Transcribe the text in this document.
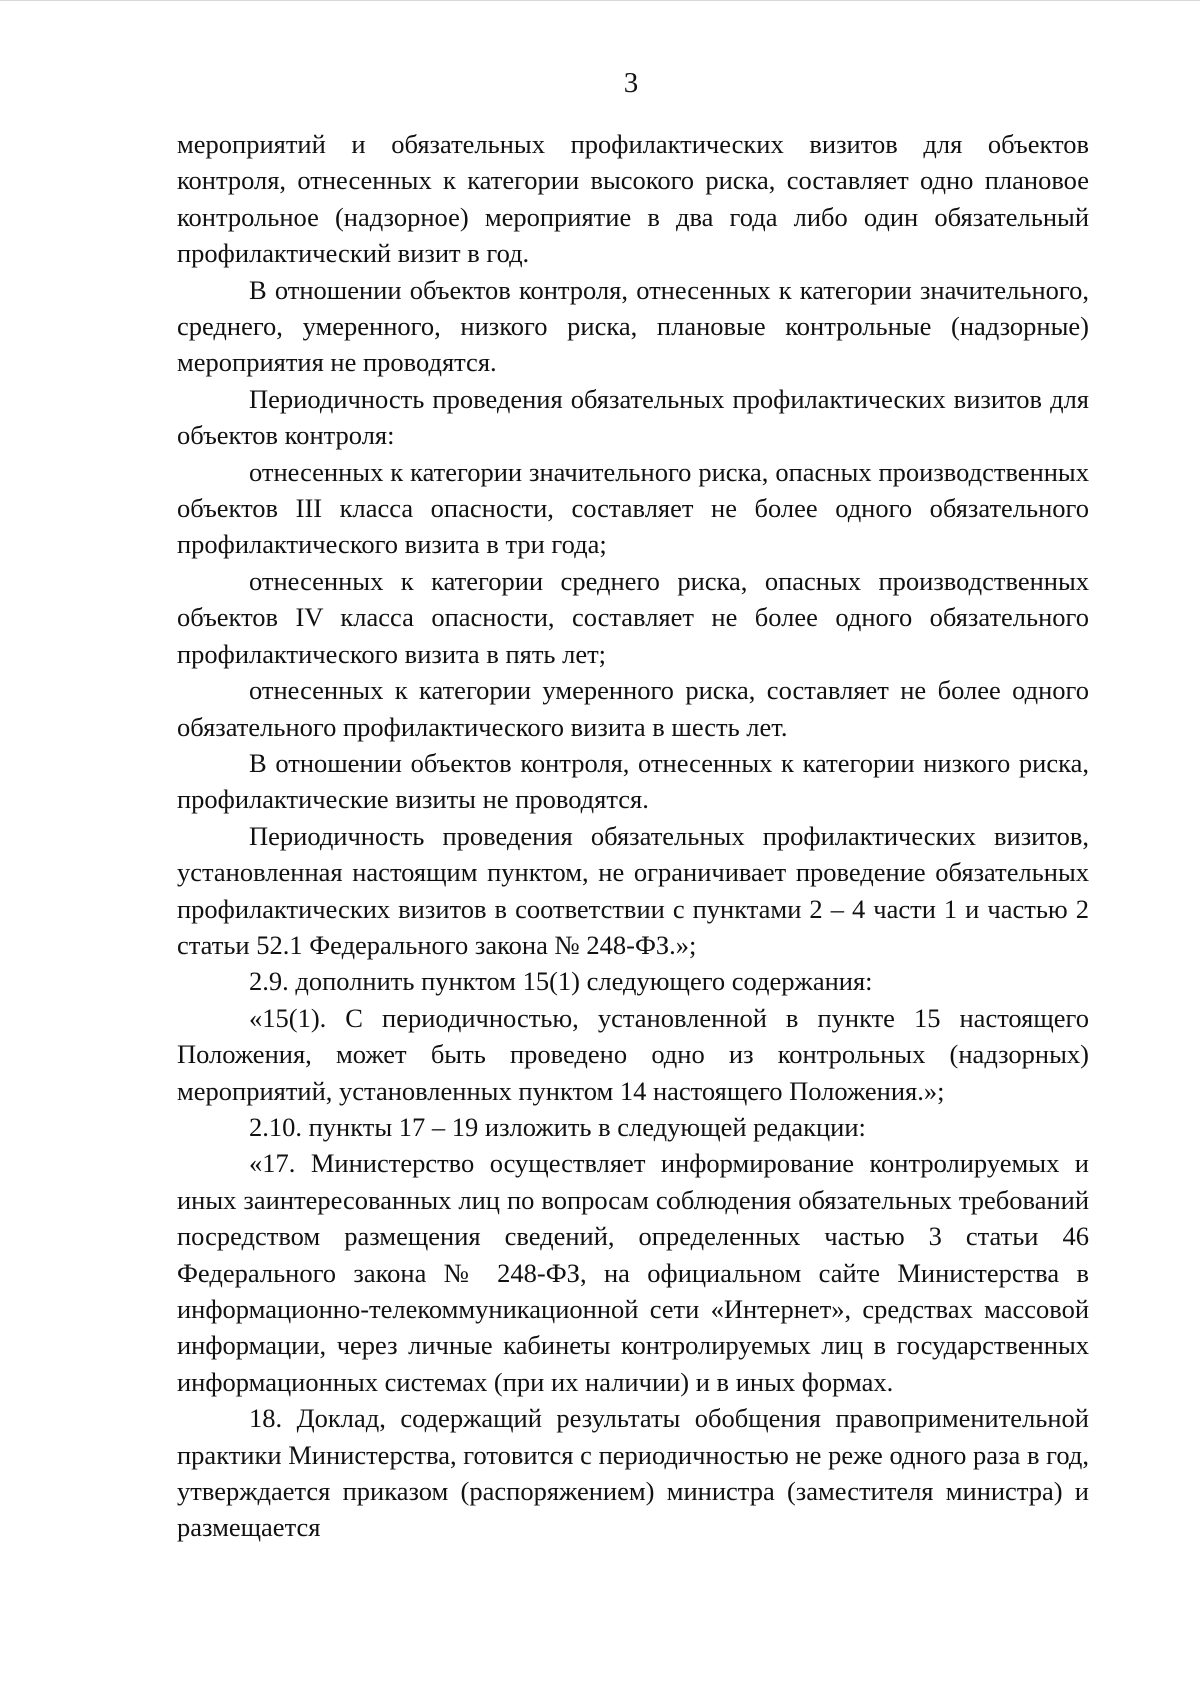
3

мероприятий и обязательных профилактических визитов для объектов контроля, отнесенных к категории высокого риска, составляет одно плановое контрольное (надзорное) мероприятие в два года либо один обязательный профилактический визит в год.

В отношении объектов контроля, отнесенных к категории значительного, среднего, умеренного, низкого риска, плановые контрольные (надзорные) мероприятия не проводятся.

Периодичность проведения обязательных профилактических визитов для объектов контроля:

отнесенных к категории значительного риска, опасных производственных объектов III класса опасности, составляет не более одного обязательного профилактического визита в три года;

отнесенных к категории среднего риска, опасных производственных объектов IV класса опасности, составляет не более одного обязательного профилактического визита в пять лет;

отнесенных к категории умеренного риска, составляет не более одного обязательного профилактического визита в шесть лет.

В отношении объектов контроля, отнесенных к категории низкого риска, профилактические визиты не проводятся.

Периодичность проведения обязательных профилактических визитов, установленная настоящим пунктом, не ограничивает проведение обязательных профилактических визитов в соответствии с пунктами 2 – 4 части 1 и частью 2 статьи 52.1 Федерального закона № 248-ФЗ.»;

2.9. дополнить пунктом 15(1) следующего содержания:

«15(1). С периодичностью, установленной в пункте 15 настоящего Положения, может быть проведено одно из контрольных (надзорных) мероприятий, установленных пунктом 14 настоящего Положения.»;

2.10. пункты 17 – 19 изложить в следующей редакции:

«17. Министерство осуществляет информирование контролируемых и иных заинтересованных лиц по вопросам соблюдения обязательных требований посредством размещения сведений, определенных частью 3 статьи 46 Федерального закона № 248-ФЗ, на официальном сайте Министерства в информационно-телекоммуникационной сети «Интернет», средствах массовой информации, через личные кабинеты контролируемых лиц в государственных информационных системах (при их наличии) и в иных формах.

18. Доклад, содержащий результаты обобщения правоприменительной практики Министерства, готовится с периодичностью не реже одного раза в год, утверждается приказом (распоряжением) министра (заместителя министра) и размещается
